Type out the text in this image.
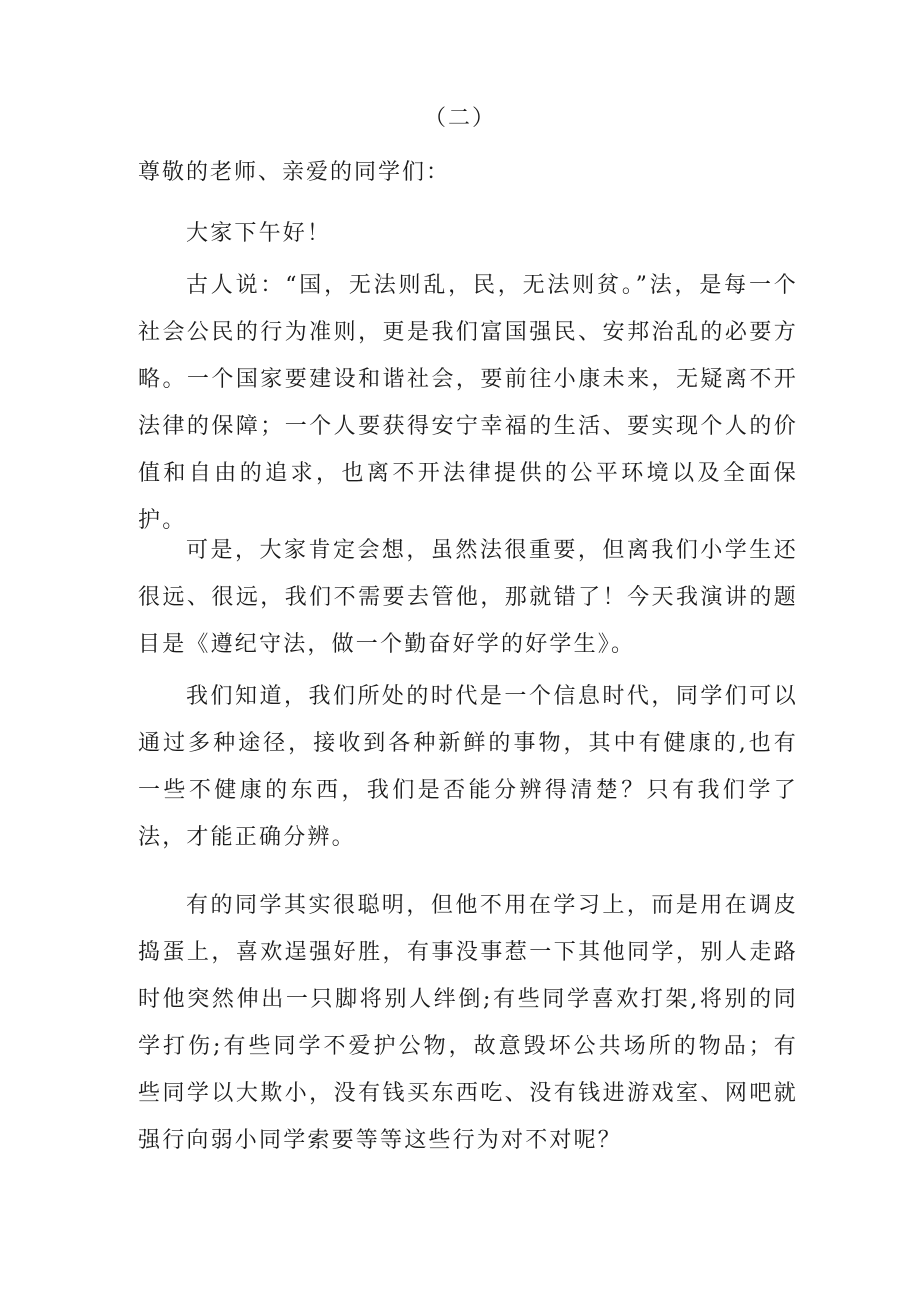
（二）
尊敬的老师、亲爱的同学们：
大家下午好！
古人说：“国，无法则乱，民，无法则贫。”法，是每一个社会公民的行为准则，更是我们富国强民、安邦治乱的必要方略。一个国家要建设和谐社会，要前往小康未来，无疑离不开法律的保障；一个人要获得安宁幸福的生活、要实现个人的价值和自由的追求，也离不开法律提供的公平环境以及全面保护。
可是，大家肯定会想，虽然法很重要，但离我们小学生还很远、很远，我们不需要去管他，那就错了！今天我演讲的题目是《遵纪守法，做一个勤奋好学的好学生》。
我们知道，我们所处的时代是一个信息时代，同学们可以通过多种途径，接收到各种新鲜的事物，其中有健康的,也有一些不健康的东西，我们是否能分辨得清楚？只有我们学了法，才能正确分辨。
有的同学其实很聪明，但他不用在学习上，而是用在调皮捣蛋上，喜欢逞强好胜，有事没事惹一下其他同学，别人走路时他突然伸出一只脚将别人绊倒;有些同学喜欢打架,将别的同学打伤;有些同学不爱护公物，故意毁坏公共场所的物品；有些同学以大欺小，没有钱买东西吃、没有钱进游戏室、网吧就强行向弱小同学索要等等这些行为对不对呢？
